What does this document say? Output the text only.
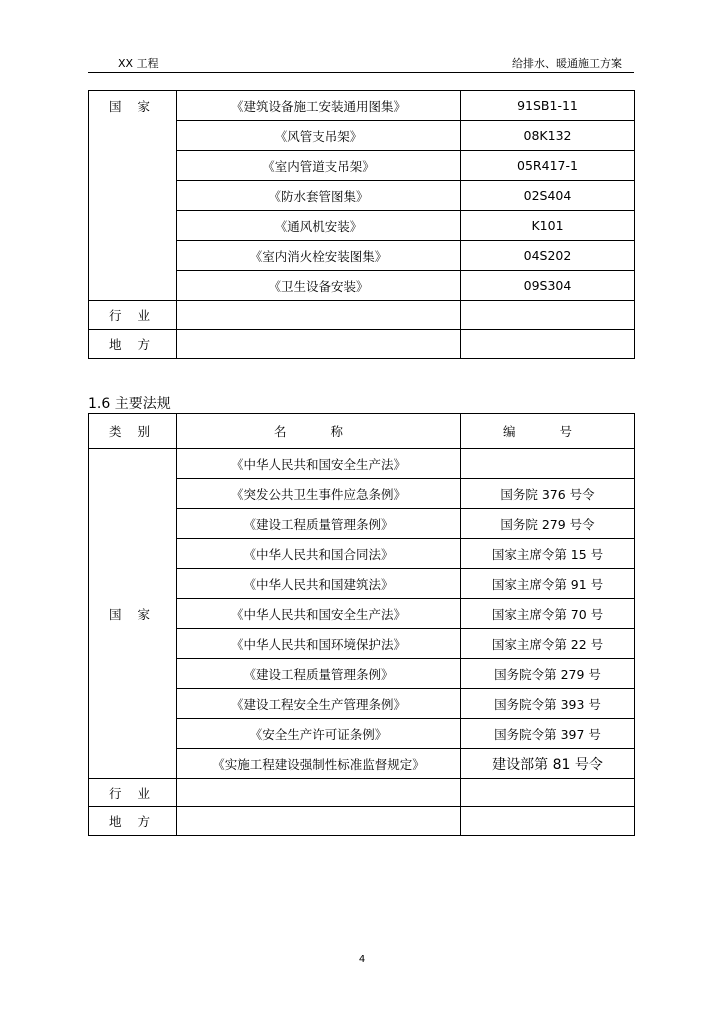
XX 工程	给排水、暖通施工方案
国 家	《建筑设备施工安装通用图集》	91SB1-11
	《风管支吊架》	08K132
	《室内管道支吊架》	05R417-1
	《防水套管图集》	02S404
	《通风机安装》	K101
	《室内消火栓安装图集》	04S202
	《卫生设备安装》	09S304
行 业		
地 方		
1.6 主要法规
类 别	名 称	编 号
国 家	《中华人民共和国安全生产法》	
	《突发公共卫生事件应急条例》	国务院 376 号令
	《建设工程质量管理条例》	国务院 279 号令
	《中华人民共和国合同法》	国家主席令第 15 号
	《中华人民共和国建筑法》	国家主席令第 91 号
	《中华人民共和国安全生产法》	国家主席令第 70 号
	《中华人民共和国环境保护法》	国家主席令第 22 号
	《建设工程质量管理条例》	国务院令第 279 号
	《建设工程安全生产管理条例》	国务院令第 393 号
	《安全生产许可证条例》	国务院令第 397 号
	《实施工程建设强制性标准监督规定》	建设部第 81 号令
行 业		
地 方		
4
